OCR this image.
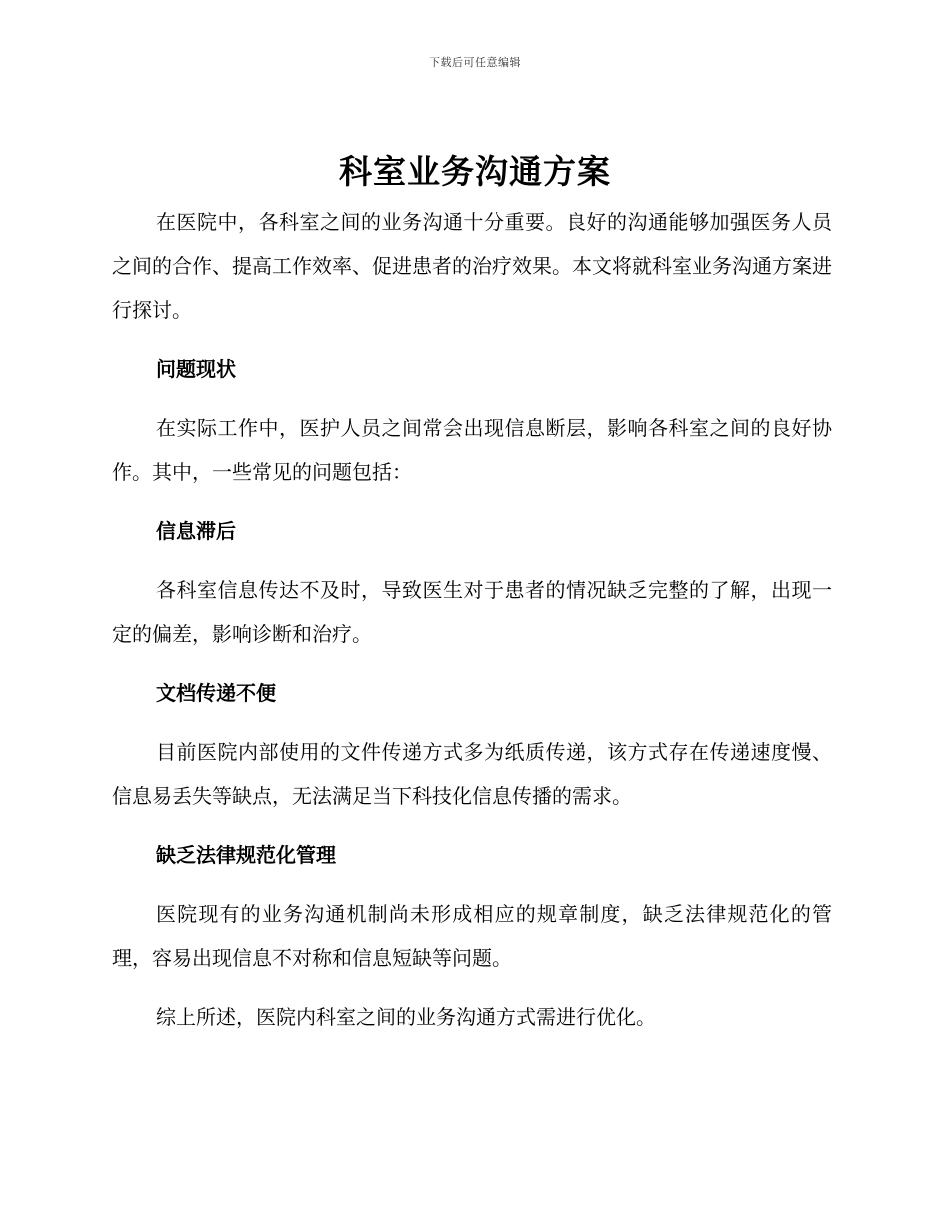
下载后可任意编辑
科室业务沟通方案

在医院中，各科室之间的业务沟通十分重要。良好的沟通能够加强医务人员之间的合作、提高工作效率、促进患者的治疗效果。本文将就科室业务沟通方案进行探讨。

问题现状

在实际工作中，医护人员之间常会出现信息断层，影响各科室之间的良好协作。其中，一些常见的问题包括：

信息滞后

各科室信息传达不及时，导致医生对于患者的情况缺乏完整的了解，出现一定的偏差，影响诊断和治疗。

文档传递不便

目前医院内部使用的文件传递方式多为纸质传递，该方式存在传递速度慢、信息易丢失等缺点，无法满足当下科技化信息传播的需求。

缺乏法律规范化管理

医院现有的业务沟通机制尚未形成相应的规章制度，缺乏法律规范化的管理，容易出现信息不对称和信息短缺等问题。

综上所述，医院内科室之间的业务沟通方式需进行优化。
